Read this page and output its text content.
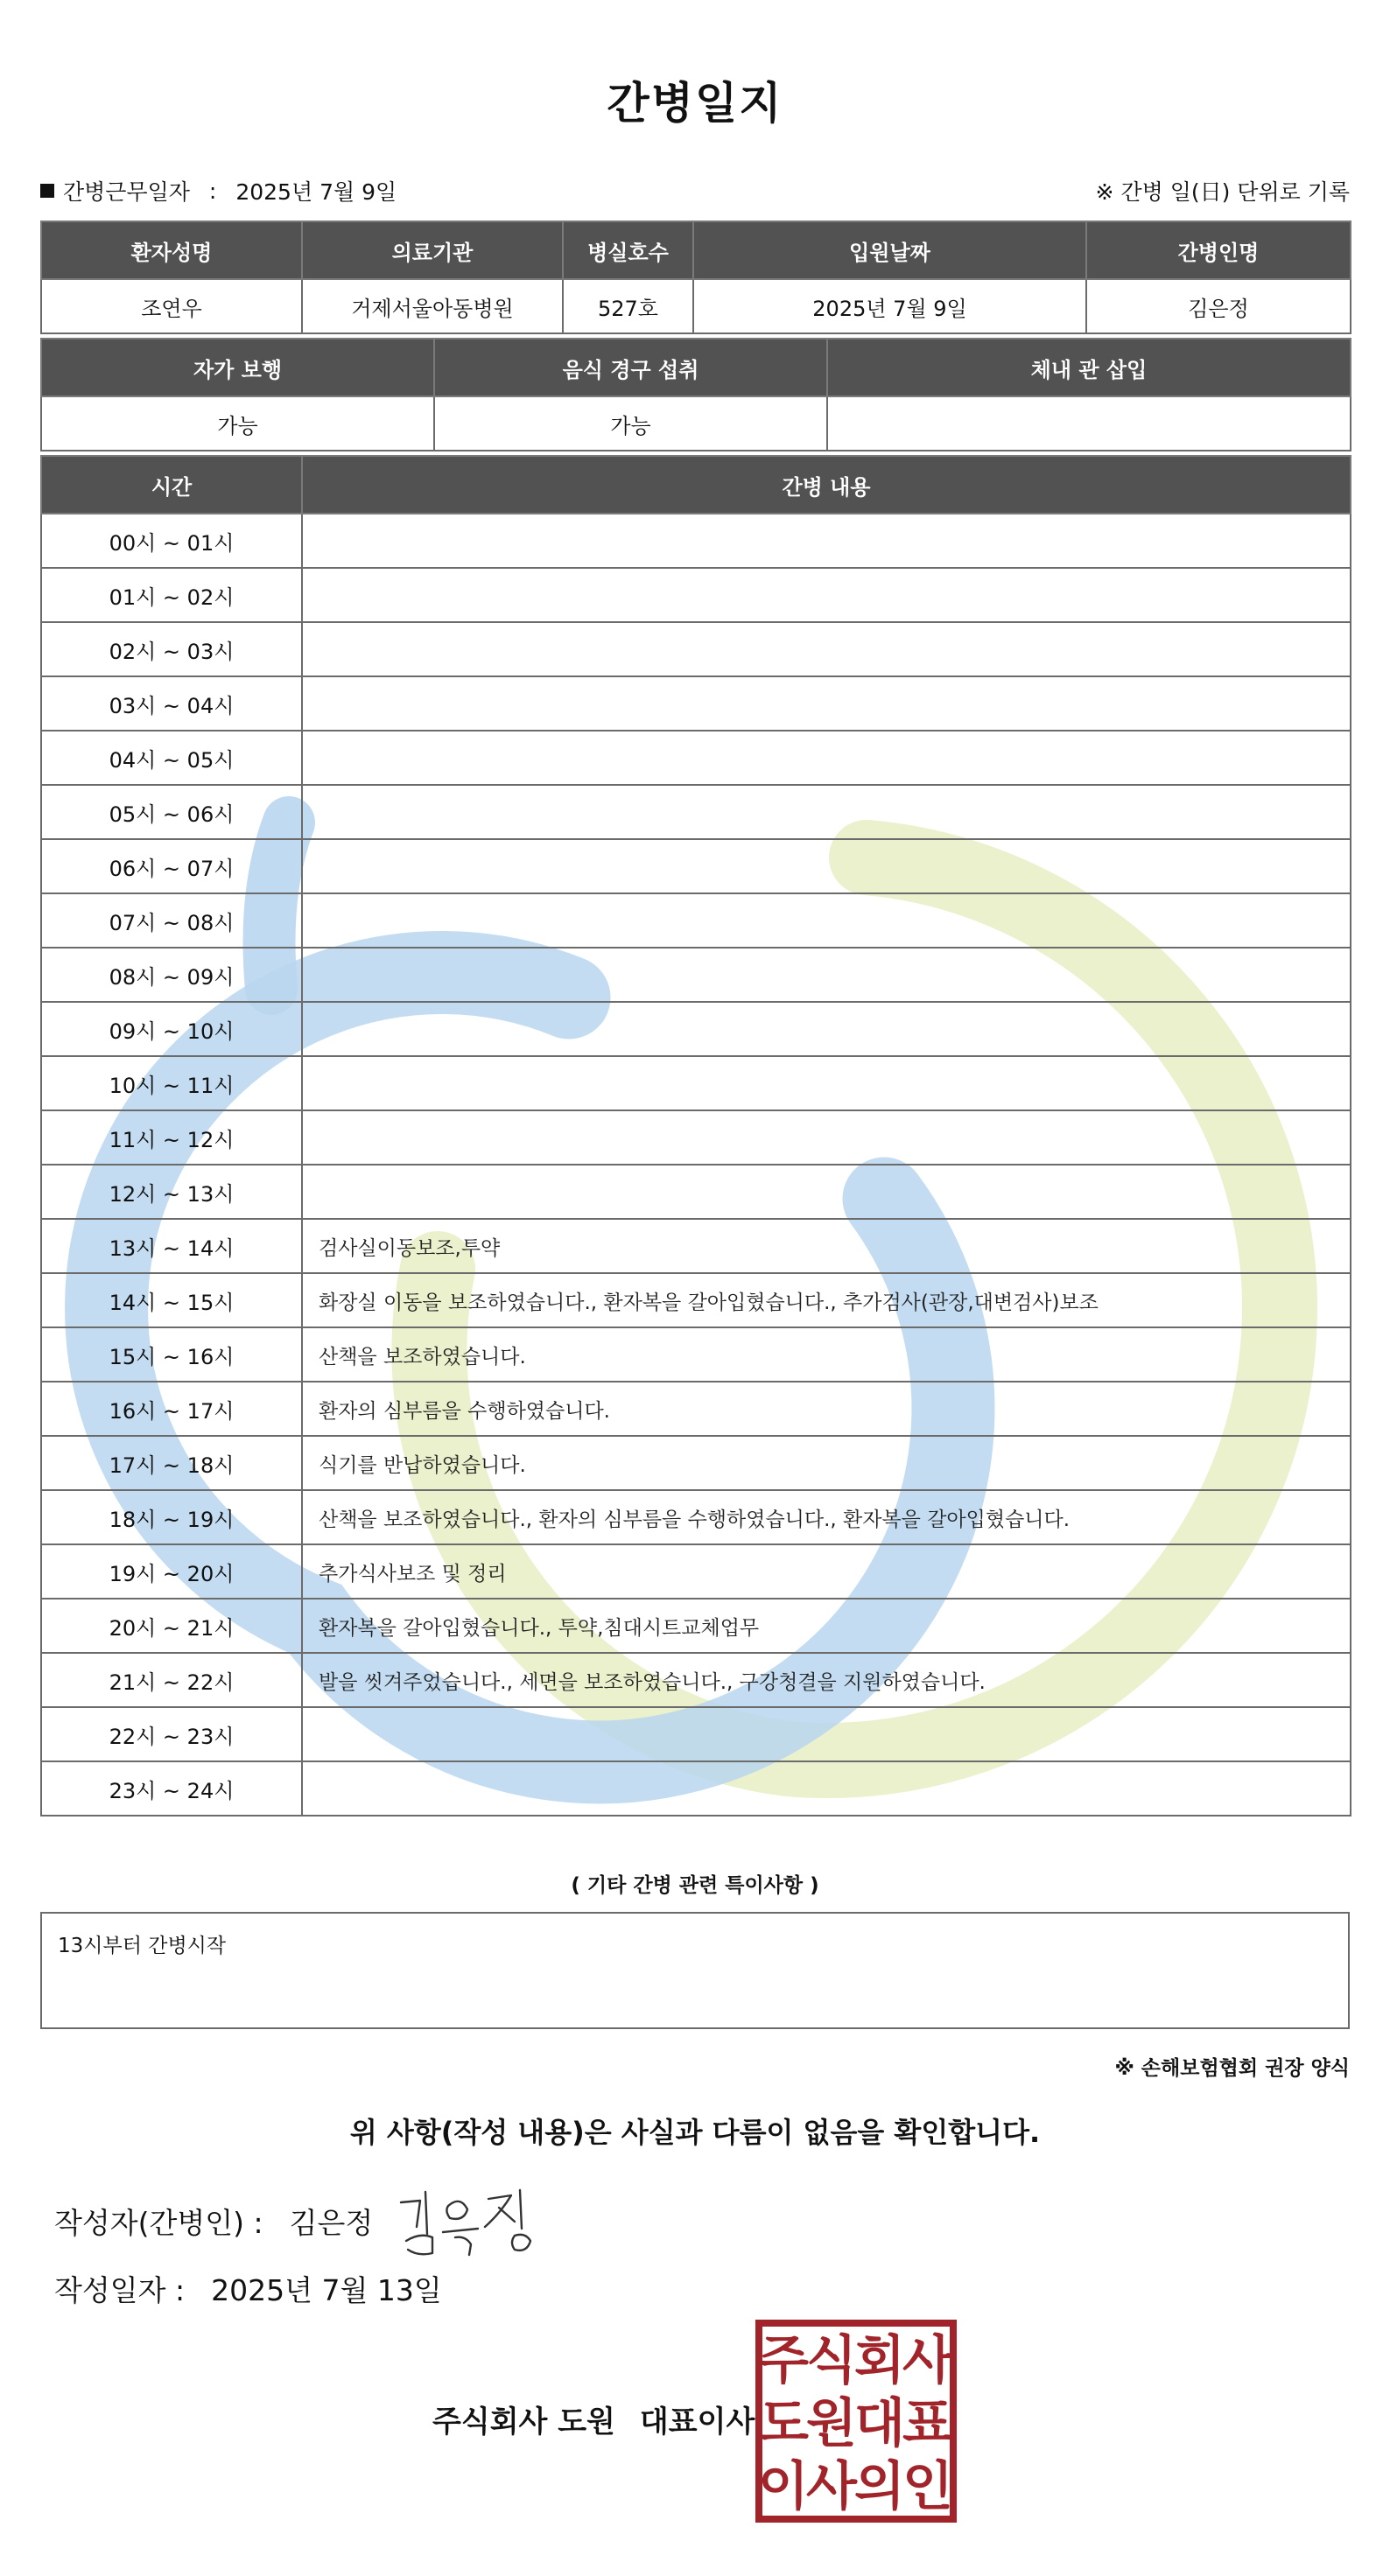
간병일지
간병근무일자 : 2025년 7월 9일	※ 간병 일(日) 단위로 기록
환자성명	의료기관	병실호수	입원날짜	간병인명
조연우	거제서울아동병원	527호	2025년 7월 9일	김은정
자가 보행	음식 경구 섭취	체내 관 삽입
가능	가능	
시간	간병 내용
00시 ~ 01시	
01시 ~ 02시	
02시 ~ 03시	
03시 ~ 04시	
04시 ~ 05시	
05시 ~ 06시	
06시 ~ 07시	
07시 ~ 08시	
08시 ~ 09시	
09시 ~ 10시	
10시 ~ 11시	
11시 ~ 12시	
12시 ~ 13시	
13시 ~ 14시	검사실이동보조,투약
14시 ~ 15시	화장실 이동을 보조하였습니다., 환자복을 갈아입혔습니다., 추가검사(관장,대변검사)보조
15시 ~ 16시	산책을 보조하였습니다.
16시 ~ 17시	환자의 심부름을 수행하였습니다.
17시 ~ 18시	식기를 반납하였습니다.
18시 ~ 19시	산책을 보조하였습니다., 환자의 심부름을 수행하였습니다., 환자복을 갈아입혔습니다.
19시 ~ 20시	추가식사보조 및 정리
20시 ~ 21시	환자복을 갈아입혔습니다., 투약,침대시트교체업무
21시 ~ 22시	발을 씻겨주었습니다., 세면을 보조하였습니다., 구강청결을 지원하였습니다.
22시 ~ 23시	
23시 ~ 24시	
( 기타 간병 관련 특이사항 )
13시부터 간병시작
※ 손해보험협회 권장 양식
위 사항(작성 내용)은 사실과 다름이 없음을 확인합니다.
작성자(간병인) : 김은정
작성일자 : 2025년 7월 13일
주식회사 도원 대표이사
주
식
회
사
도
원
대
표
이
사
의
인
